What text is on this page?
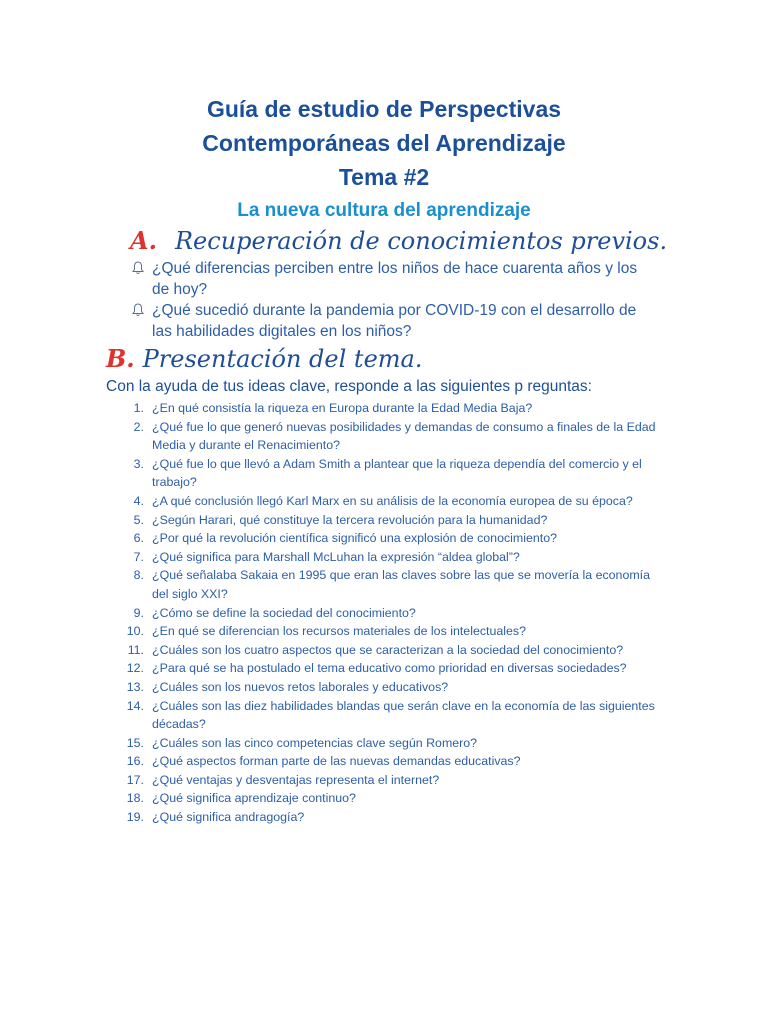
Guía de estudio de Perspectivas
Contemporáneas del Aprendizaje
Tema #2
La nueva cultura del aprendizaje
A. Recuperación de conocimientos previos.
¿Qué diferencias perciben entre los niños de hace cuarenta años y los de hoy?
¿Qué sucedió durante la pandemia por COVID-19 con el desarrollo de las habilidades digitales en los niños?
B. Presentación del tema.
Con la ayuda de tus ideas clave, responde a las siguientes p reguntas:
1. ¿En qué consistía la riqueza en Europa durante la Edad Media Baja?
2. ¿Qué fue lo que generó nuevas posibilidades y demandas de consumo a finales de la Edad Media y durante el Renacimiento?
3. ¿Qué fue lo que llevó a Adam Smith a plantear que la riqueza dependía del comercio y el trabajo?
4. ¿A qué conclusión llegó Karl Marx en su análisis de la economía europea de su época?
5. ¿Según Harari, qué constituye la tercera revolución para la humanidad?
6. ¿Por qué la revolución científica significó una explosión de conocimiento?
7. ¿Qué significa para Marshall McLuhan la expresión “aldea global”?
8. ¿Qué señalaba Sakaia en 1995 que eran las claves sobre las que se movería la economía del siglo XXI?
9. ¿Cómo se define la sociedad del conocimiento?
10. ¿En qué se diferencian los recursos materiales de los intelectuales?
11. ¿Cuáles son los cuatro aspectos que se caracterizan a la sociedad del conocimiento?
12. ¿Para qué se ha postulado el tema educativo como prioridad en diversas sociedades?
13. ¿Cuáles son los nuevos retos laborales y educativos?
14. ¿Cuáles son las diez habilidades blandas que serán clave en la economía de las siguientes décadas?
15. ¿Cuáles son las cinco competencias clave según Romero?
16. ¿Qué aspectos forman parte de las nuevas demandas educativas?
17. ¿Qué ventajas y desventajas representa el internet?
18. ¿Qué significa aprendizaje continuo?
19. ¿Qué significa andragogía?
